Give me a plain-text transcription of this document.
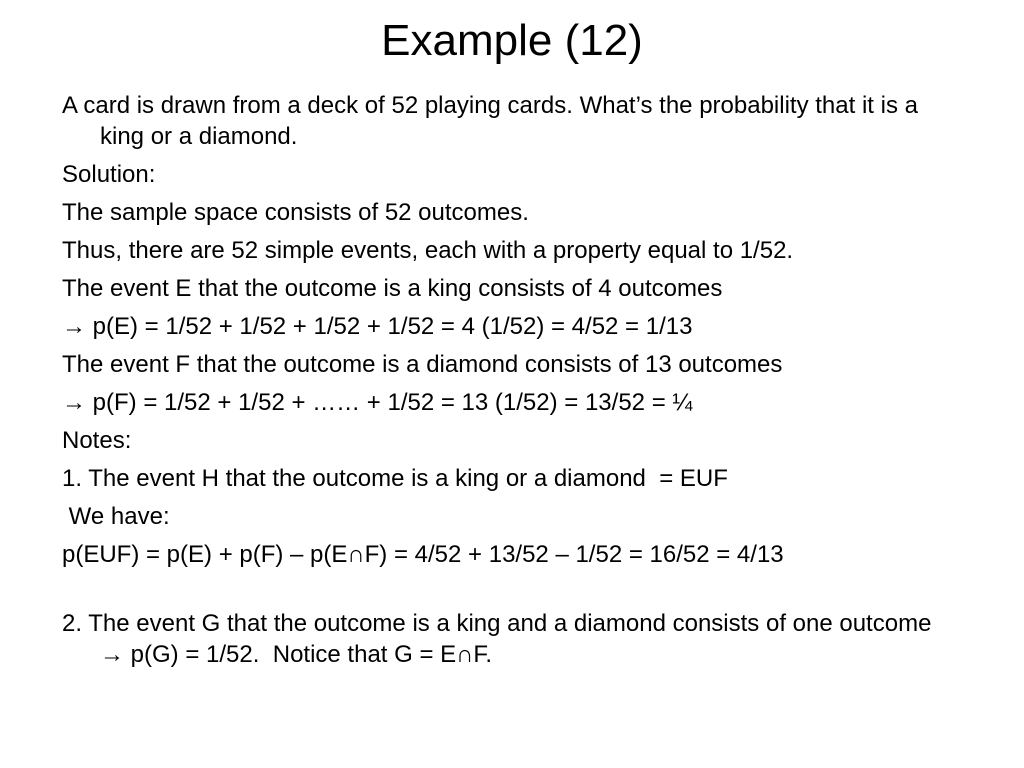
Example (12)

A card is drawn from a deck of 52 playing cards. What’s the probability that it is a king or a diamond.

Solution:

The sample space consists of 52 outcomes.

Thus, there are 52 simple events, each with a property equal to 1/52.

The event E that the outcome is a king consists of 4 outcomes

→ p(E) = 1/52 + 1/52 + 1/52 + 1/52 = 4 (1/52) = 4/52 = 1/13

The event F that the outcome is a diamond consists of 13 outcomes

→ p(F) = 1/52 + 1/52 + …… + 1/52 = 13 (1/52) = 13/52 = ¼

Notes:

1. The event H that the outcome is a king or a diamond  = EUF

We have:

p(EUF) = p(E) + p(F) – p(E∩F) = 4/52 + 13/52 – 1/52 = 16/52 = 4/13

2. The event G that the outcome is a king and a diamond consists of one outcome → p(G) = 1/52.  Notice that G = E∩F.
